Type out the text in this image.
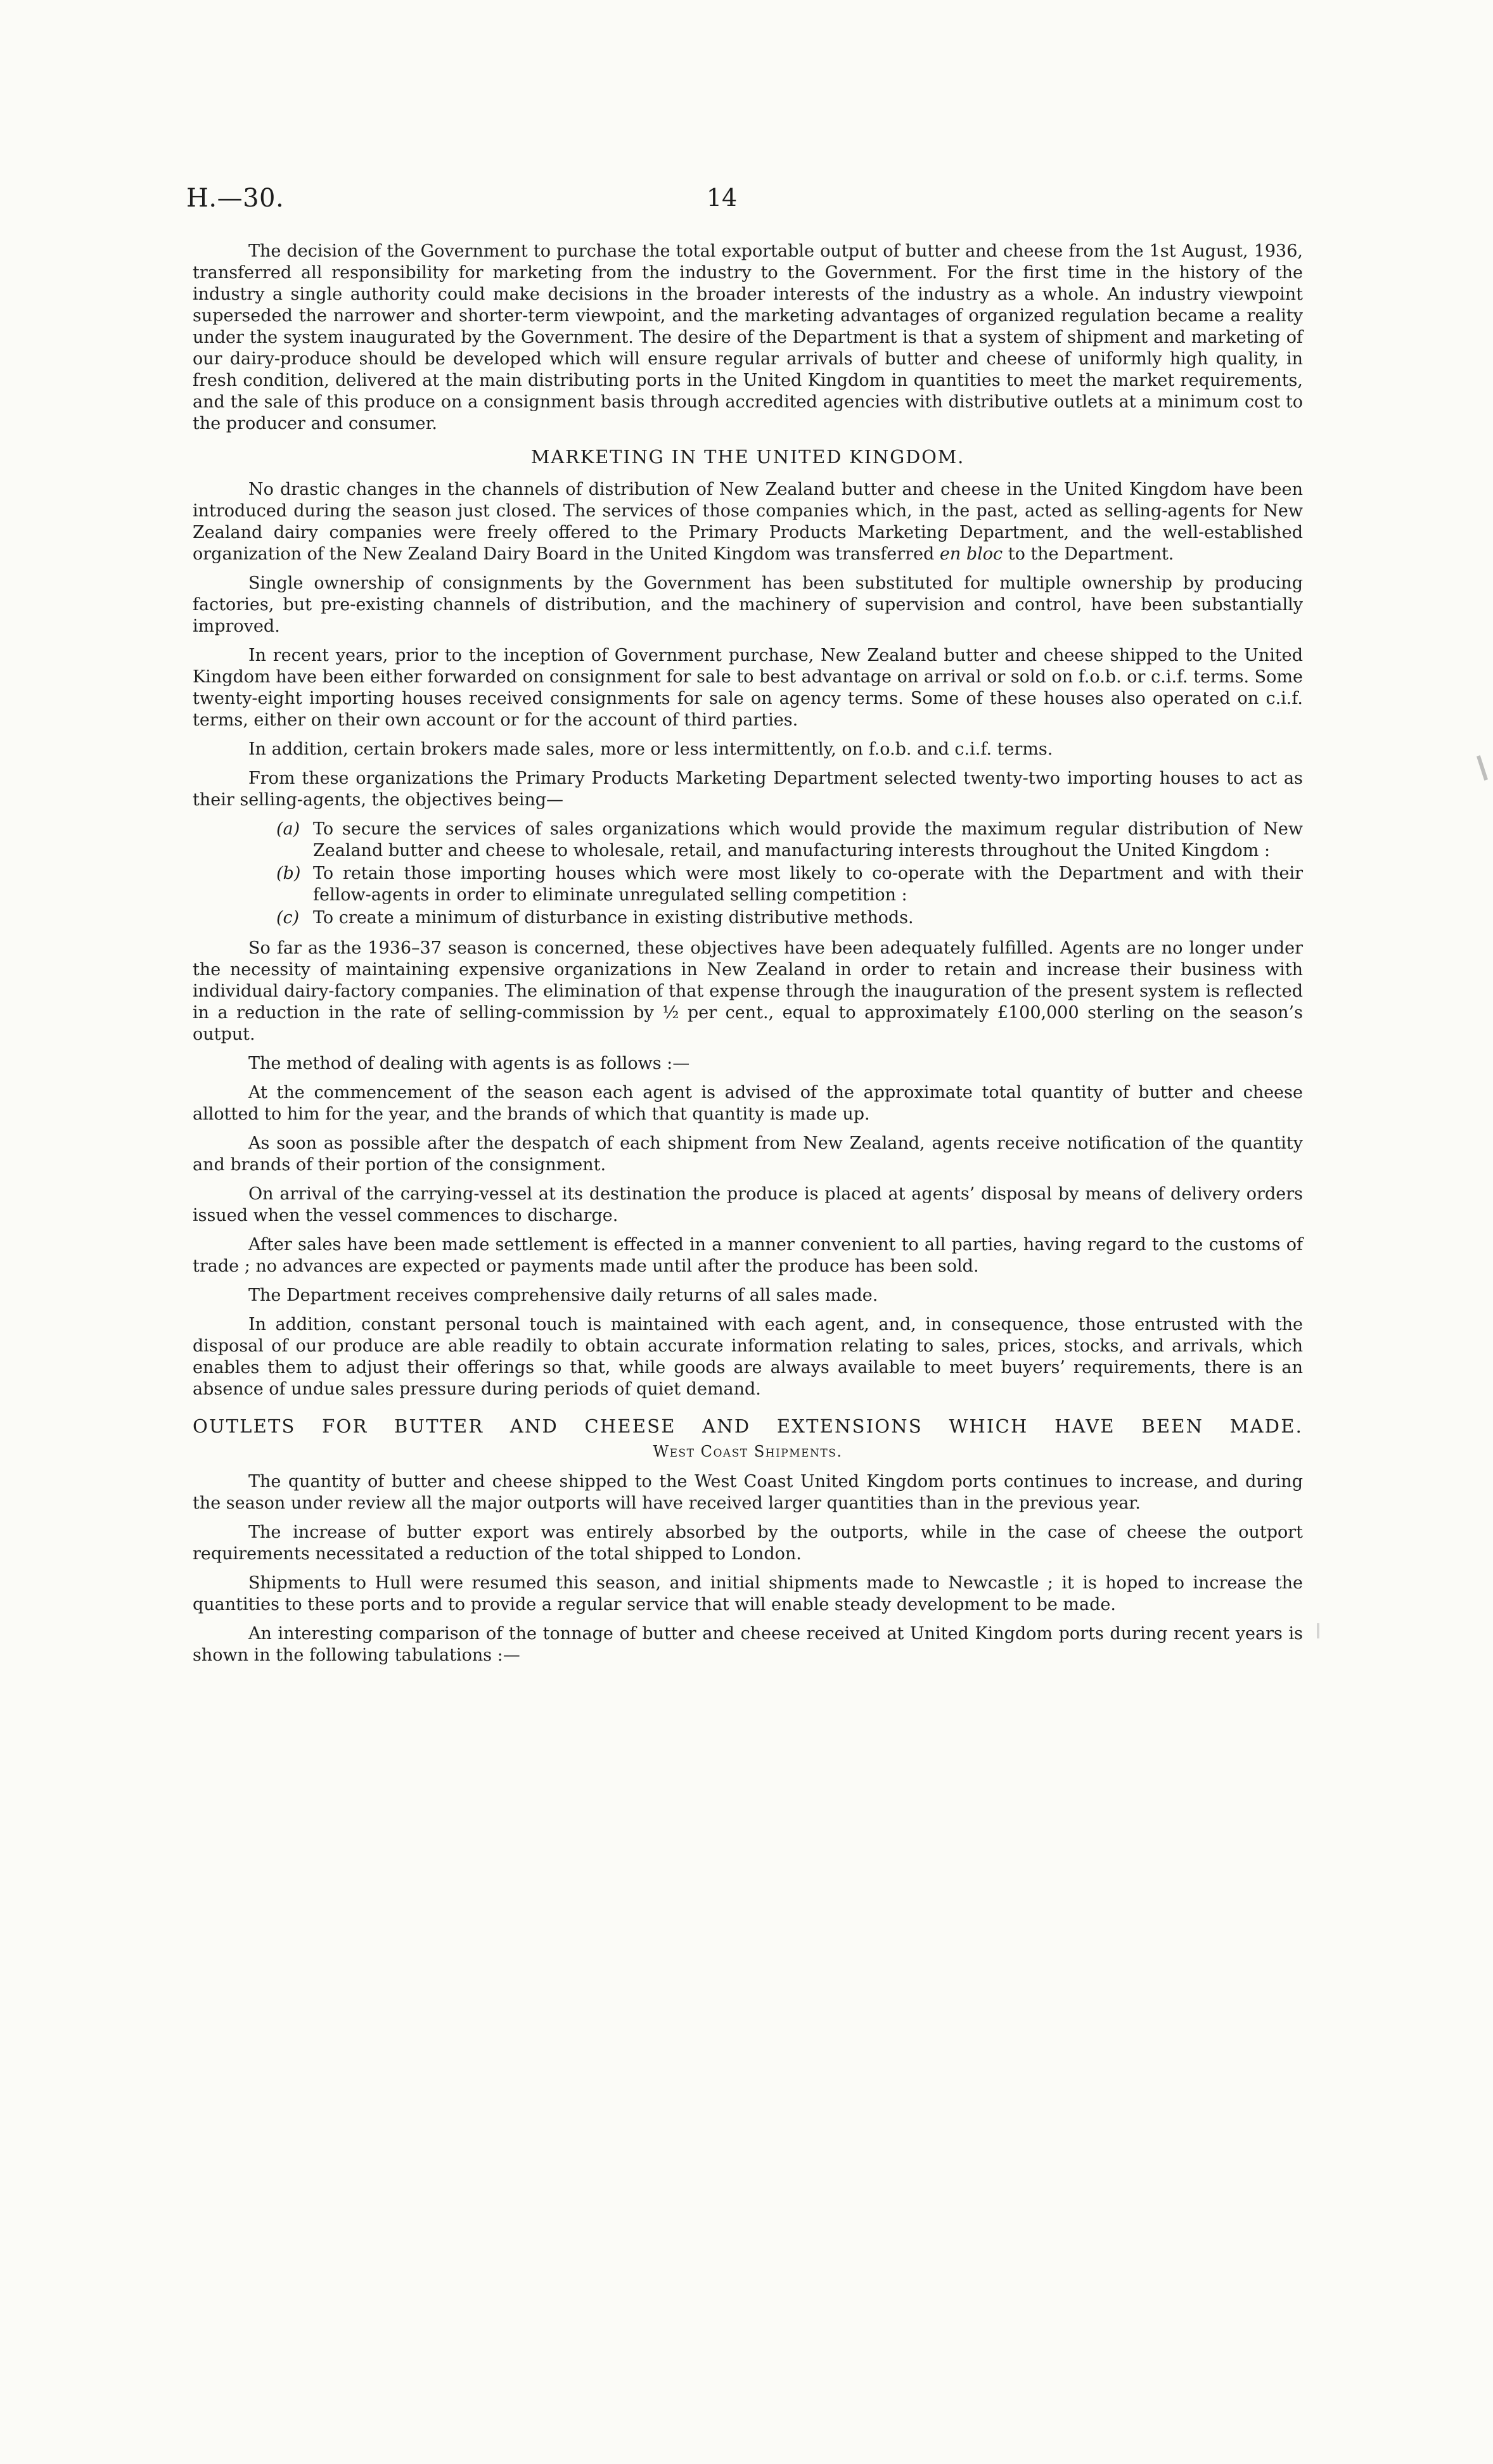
H.—30.	14

The decision of the Government to purchase the total exportable output of butter and cheese from the 1st August, 1936, transferred all responsibility for marketing from the industry to the Government. For the first time in the history of the industry a single authority could make decisions in the broader interests of the industry as a whole. An industry viewpoint superseded the narrower and shorter-term viewpoint, and the marketing advantages of organized regulation became a reality under the system inaugurated by the Government. The desire of the Department is that a system of shipment and marketing of our dairy-produce should be developed which will ensure regular arrivals of butter and cheese of uniformly high quality, in fresh condition, delivered at the main distributing ports in the United Kingdom in quantities to meet the market requirements, and the sale of this produce on a consignment basis through accredited agencies with distributive outlets at a minimum cost to the producer and consumer.

MARKETING IN THE UNITED KINGDOM.

No drastic changes in the channels of distribution of New Zealand butter and cheese in the United Kingdom have been introduced during the season just closed. The services of those companies which, in the past, acted as selling-agents for New Zealand dairy companies were freely offered to the Primary Products Marketing Department, and the well-established organization of the New Zealand Dairy Board in the United Kingdom was transferred en bloc to the Department.

Single ownership of consignments by the Government has been substituted for multiple ownership by producing factories, but pre-existing channels of distribution, and the machinery of supervision and control, have been substantially improved.

In recent years, prior to the inception of Government purchase, New Zealand butter and cheese shipped to the United Kingdom have been either forwarded on consignment for sale to best advantage on arrival or sold on f.o.b. or c.i.f. terms. Some twenty-eight importing houses received consignments for sale on agency terms. Some of these houses also operated on c.i.f. terms, either on their own account or for the account of third parties.

In addition, certain brokers made sales, more or less intermittently, on f.o.b. and c.i.f. terms.

From these organizations the Primary Products Marketing Department selected twenty-two importing houses to act as their selling-agents, the objectives being—

(a) To secure the services of sales organizations which would provide the maximum regular distribution of New Zealand butter and cheese to wholesale, retail, and manufacturing interests throughout the United Kingdom :
(b) To retain those importing houses which were most likely to co-operate with the Department and with their fellow-agents in order to eliminate unregulated selling competition :
(c) To create a minimum of disturbance in existing distributive methods.

So far as the 1936–37 season is concerned, these objectives have been adequately fulfilled. Agents are no longer under the necessity of maintaining expensive organizations in New Zealand in order to retain and increase their business with individual dairy-factory companies. The elimination of that expense through the inauguration of the present system is reflected in a reduction in the rate of selling-commission by ½ per cent., equal to approximately £100,000 sterling on the season’s output.

The method of dealing with agents is as follows :—

At the commencement of the season each agent is advised of the approximate total quantity of butter and cheese allotted to him for the year, and the brands of which that quantity is made up.

As soon as possible after the despatch of each shipment from New Zealand, agents receive notification of the quantity and brands of their portion of the consignment.

On arrival of the carrying-vessel at its destination the produce is placed at agents’ disposal by means of delivery orders issued when the vessel commences to discharge.

After sales have been made settlement is effected in a manner convenient to all parties, having regard to the customs of trade ; no advances are expected or payments made until after the produce has been sold.

The Department receives comprehensive daily returns of all sales made.

In addition, constant personal touch is maintained with each agent, and, in consequence, those entrusted with the disposal of our produce are able readily to obtain accurate information relating to sales, prices, stocks, and arrivals, which enables them to adjust their offerings so that, while goods are always available to meet buyers’ requirements, there is an absence of undue sales pressure during periods of quiet demand.

OUTLETS FOR BUTTER AND CHEESE AND EXTENSIONS WHICH HAVE BEEN MADE.
West Coast Shipments.

The quantity of butter and cheese shipped to the West Coast United Kingdom ports continues to increase, and during the season under review all the major outports will have received larger quantities than in the previous year.

The increase of butter export was entirely absorbed by the outports, while in the case of cheese the outport requirements necessitated a reduction of the total shipped to London.

Shipments to Hull were resumed this season, and initial shipments made to Newcastle ; it is hoped to increase the quantities to these ports and to provide a regular service that will enable steady development to be made.

An interesting comparison of the tonnage of butter and cheese received at United Kingdom ports during recent years is shown in the following tabulations :—
